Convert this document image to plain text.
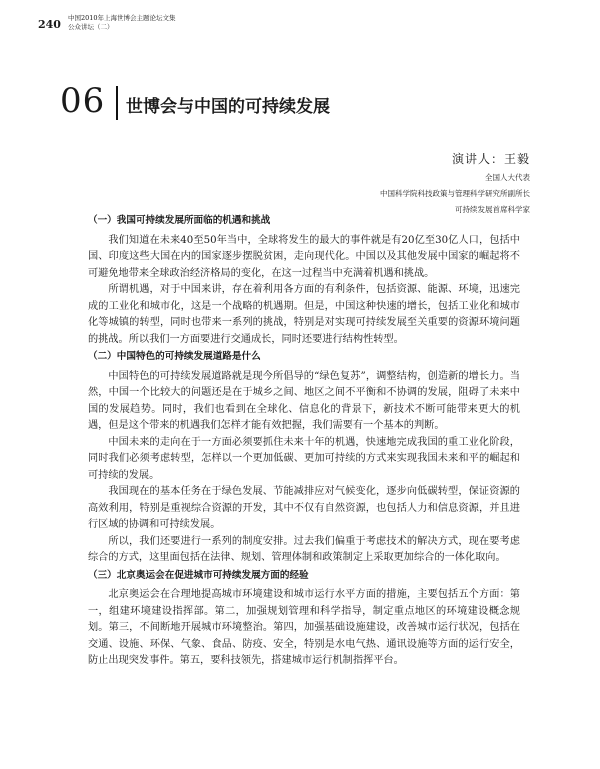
240 中国2010年上海世博会主题论坛文集
公众讲坛（二）
06 世博会与中国的可持续发展
演讲人：王毅
全国人大代表
中国科学院科技政策与管理科学研究所副所长
可持续发展首席科学家
（一）我国可持续发展所面临的机遇和挑战

我们知道在未来40至50年当中，全球将发生的最大的事件就是有20亿至30亿人口，包括中国、印度这些大国在内的国家逐步摆脱贫困，走向现代化。中国以及其他发展中国家的崛起将不可避免地带来全球政治经济格局的变化，在这一过程当中充满着机遇和挑战。

所谓机遇，对于中国来讲，存在着利用各方面的有利条件，包括资源、能源、环境，迅速完成的工业化和城市化，这是一个战略的机遇期。但是，中国这种快速的增长，包括工业化和城市化等城镇的转型，同时也带来一系列的挑战，特别是对实现可持续发展至关重要的资源环境问题的挑战。所以我们一方面要进行交通成长，同时还要进行结构性转型。

（二）中国特色的可持续发展道路是什么

中国特色的可持续发展道路就是现今所倡导的“绿色复苏”，调整结构，创造新的增长力。当然，中国一个比较大的问题还是在于城乡之间、地区之间不平衡和不协调的发展，阻碍了未来中国的发展趋势。同时，我们也看到在全球化、信息化的背景下，新技术不断可能带来更大的机遇，但是这个带来的机遇我们怎样才能有效把握，我们需要有一个基本的判断。

中国未来的走向在于一方面必须要抓住未来十年的机遇，快速地完成我国的重工业化阶段，同时我们必须考虑转型，怎样以一个更加低碳、更加可持续的方式来实现我国未来和平的崛起和可持续的发展。

我国现在的基本任务在于绿色发展、节能减排应对气候变化，逐步向低碳转型，保证资源的高效利用，特别是重视综合资源的开发，其中不仅有自然资源，也包括人力和信息资源，并且进行区域的协调和可持续发展。

所以，我们还要进行一系列的制度安排。过去我们偏重于考虑技术的解决方式，现在要考虑综合的方式，这里面包括在法律、规划、管理体制和政策制定上采取更加综合的一体化取向。

（三）北京奥运会在促进城市可持续发展方面的经验

北京奥运会在合理地提高城市环境建设和城市运行水平方面的措施，主要包括五个方面：第一，组建环境建设指挥部。第二，加强规划管理和科学指导，制定重点地区的环境建设概念规划。第三，不间断地开展城市环境整治。第四，加强基础设施建设，改善城市运行状况，包括在交通、设施、环保、气象、食品、防疫、安全，特别是水电气热、通讯设施等方面的运行安全，防止出现突发事件。第五，要科技领先，搭建城市运行机制指挥平台。
